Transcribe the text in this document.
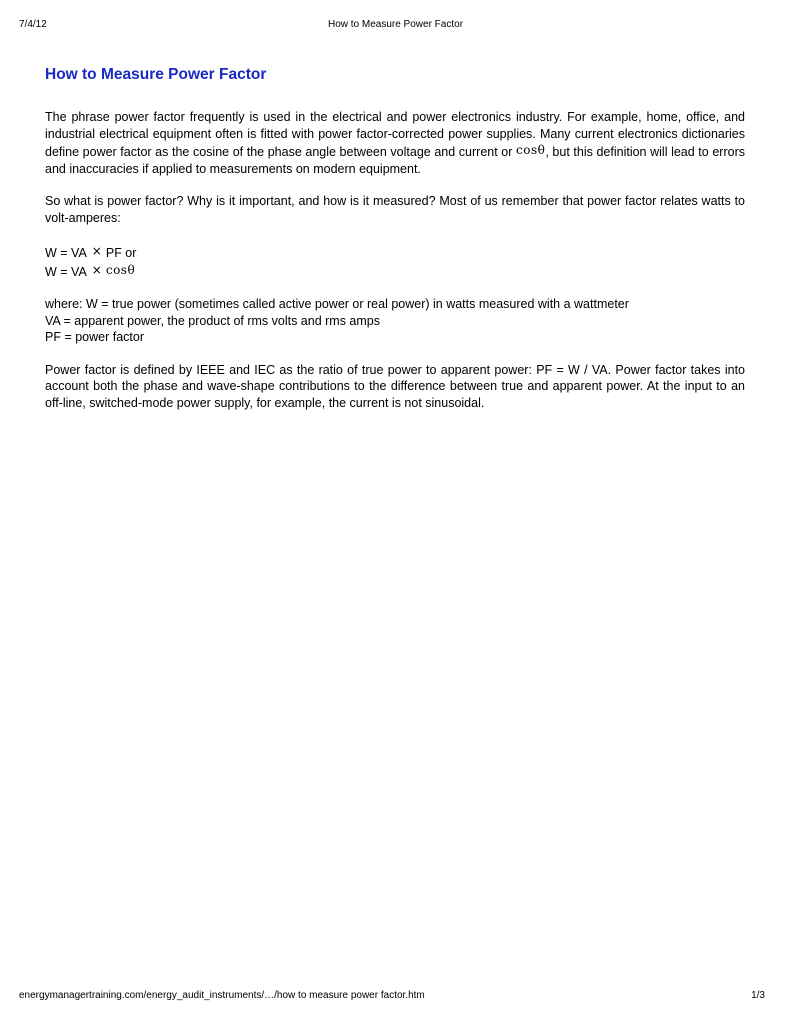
7/4/12	How to Measure Power Factor
How to Measure Power Factor

The phrase power factor frequently is used in the electrical and power electronics industry. For example, home, office, and industrial electrical equipment often is fitted with power factor-corrected power supplies. Many current electronics dictionaries define power factor as the cosine of the phase angle between voltage and current or cosθ, but this definition will lead to errors and inaccuracies if applied to measurements on modern equipment.

So what is power factor? Why is it important, and how is it measured? Most of us remember that power factor relates watts to volt-amperes:

W = VA × PF or
W = VA × cosθ
where: W = true power (sometimes called active power or real power) in watts measured with a wattmeter
VA = apparent power, the product of rms volts and rms amps
PF = power factor

Power factor is defined by IEEE and IEC as the ratio of true power to apparent power: PF = W / VA. Power factor takes into account both the phase and wave-shape contributions to the difference between true and apparent power. At the input to an off-line, switched-mode power supply, for example, the current is not sinusoidal.

energymanagertraining.com/energy_audit_instruments/…/how to measure power factor.htm	1/3
